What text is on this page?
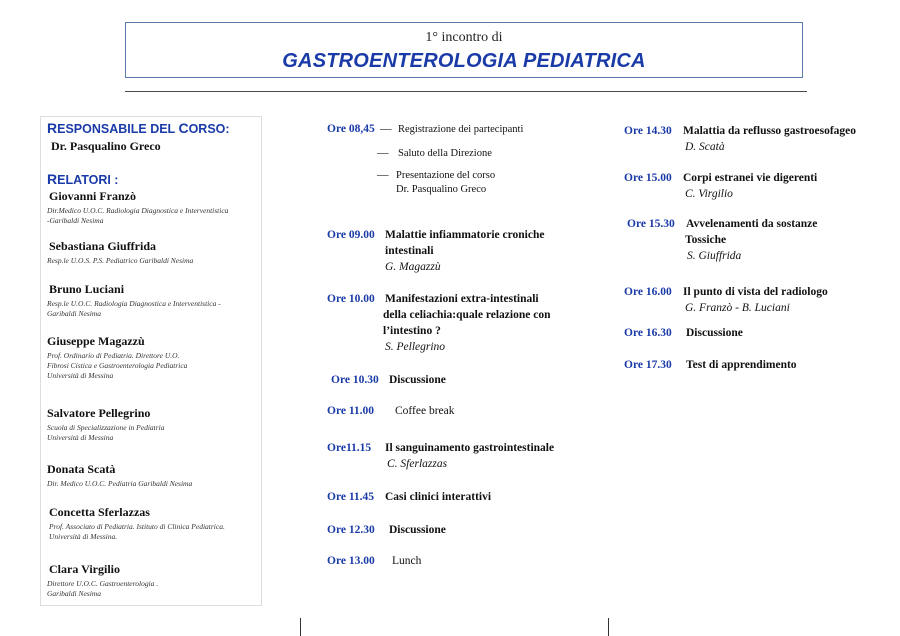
1° incontro di
GASTROENTEROLOGIA PEDIATRICA
RESPONSABILE DEL CORSO:
Dr. Pasqualino Greco
RELATORI :
Giovanni Franzò
Dir.Medico U.O.C. Radiologia Diagnostica e Interventistica
-Garibaldi Nesima
Sebastiana Giuffrida
Resp.le U.O.S. P.S. Pediatrico Garibaldi Nesima
Bruno Luciani
Resp.le U.O.C. Radiologia Diagnostica e Interventistica -
Garibaldi Nesima
Giuseppe Magazzù
Prof. Ordinario di Pediatria. Direttore U.O.
Fibrosi Cistica e Gastroenterologia Pediatrica
Università di Messina
Salvatore Pellegrino
Scuola di Specializzazione in Pediatria
Università di Messina
Donata Scatà
Dir. Medico U.O.C. Pediatria Garibaldi Nesima
Concetta Sferlazzas
Prof. Associato di Pediatria. Istituto di Clinica Pediatrica.
Università di Messina.
Clara Virgilio
Direttore U.O.C. Gastroenterologia .
Garibaldi Nesima
Ore 08,45 — Registrazione dei partecipanti
— Saluto della Direzione
— Presentazione del corso
Dr. Pasqualino Greco
Ore 09.00 Malattie infiammatorie croniche
intestinali
G. Magazzù
Ore 10.00 Manifestazioni extra-intestinali
della celiachia:quale relazione con
l’intestino ?
S. Pellegrino
Ore 10.30 Discussione
Ore 11.00 Coffee break
Ore11.15 Il sanguinamento gastrointestinale
C. Sferlazzas
Ore 11.45 Casi clinici interattivi
Ore 12.30 Discussione
Ore 13.00 Lunch
Ore 14.30 Malattia da reflusso gastroesofageo
D. Scatà
Ore 15.00 Corpi estranei vie digerenti
C. Virgilio
Ore 15.30 Avvelenamenti da sostanze
Tossiche
S. Giuffrida
Ore 16.00 Il punto di vista del radiologo
G. Franzò - B. Luciani
Ore 16.30 Discussione
Ore 17.30 Test di apprendimento
